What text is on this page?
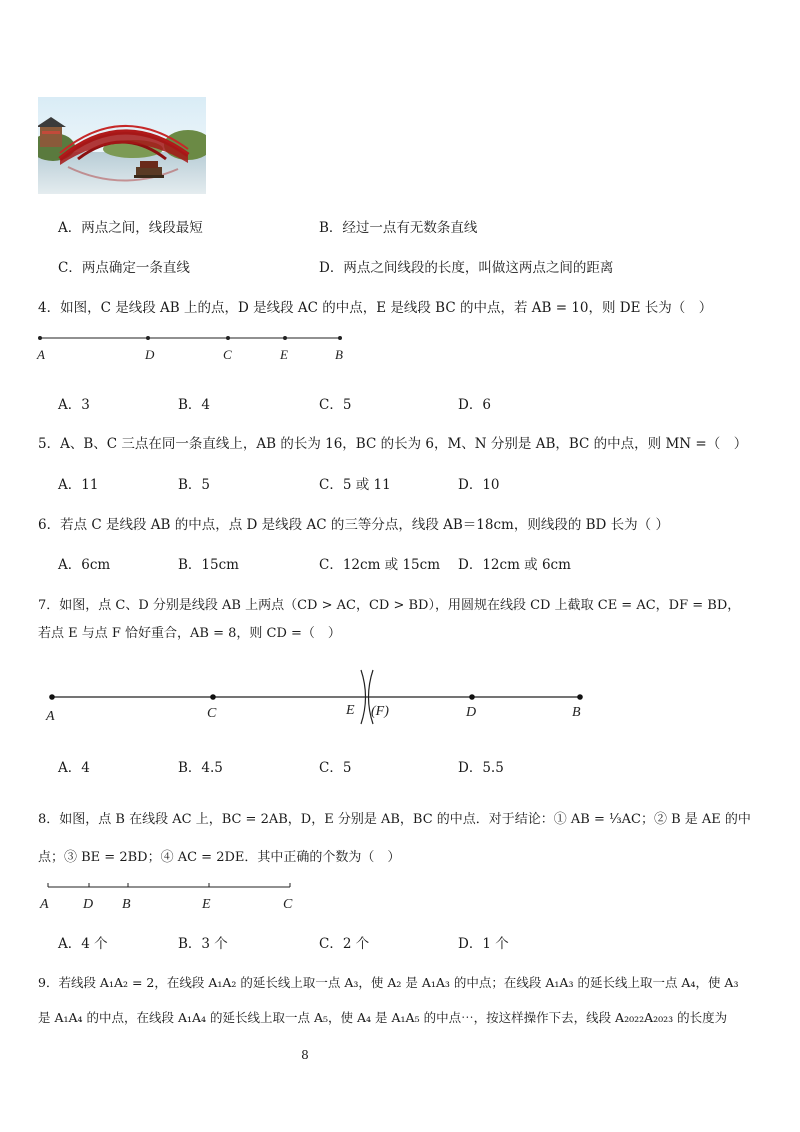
A．两点之间，线段最短	B．经过一点有无数条直线
C．两点确定一条直线	D．两点之间线段的长度，叫做这两点之间的距离
4．如图，C 是线段 AB 上的点，D 是线段 AC 的中点，E 是线段 BC 的中点，若 AB = 10，则 DE 长为（　）
A	D	C	E	B
A．3	B．4	C．5	D．6
5．A、B、C 三点在同一条直线上，AB 的长为 16，BC 的长为 6，M、N 分别是 AB，BC 的中点，则 MN =（　）
A．11	B．5	C．5 或 11	D．10
6．若点 C 是线段 AB 的中点，点 D 是线段 AC 的三等分点，线段 AB＝18cm，则线段的 BD 长为（ ）
A．6cm	B．15cm	C．12cm 或 15cm D．12cm 或 6cm
7．如图，点 C、D 分别是线段 AB 上两点（CD > AC，CD > BD），用圆规在线段 CD 上截取 CE = AC，DF = BD，
若点 E 与点 F 恰好重合，AB = 8，则 CD =（　）
A	C	E (F)	D	B
A．4	B．4.5	C．5	D．5.5
8．如图，点 B 在线段 AC 上，BC = 2AB，D，E 分别是 AB，BC 的中点．对于结论：① AB = ⅓AC；② B 是 AE 的中
点；③ BE = 2BD；④ AC = 2DE．其中正确的个数为（　）
A D B	E	C
A．4 个	B．3 个	C．2 个	D．1 个
9．若线段 A₁A₂ = 2，在线段 A₁A₂ 的延长线上取一点 A₃，使 A₂ 是 A₁A₃ 的中点；在线段 A₁A₃ 的延长线上取一点 A₄，使 A₃
是 A₁A₄ 的中点，在线段 A₁A₄ 的延长线上取一点 A₅，使 A₄ 是 A₁A₅ 的中点⋯，按这样操作下去，线段 A₂₀₂₂A₂₀₂₃ 的长度为
8
